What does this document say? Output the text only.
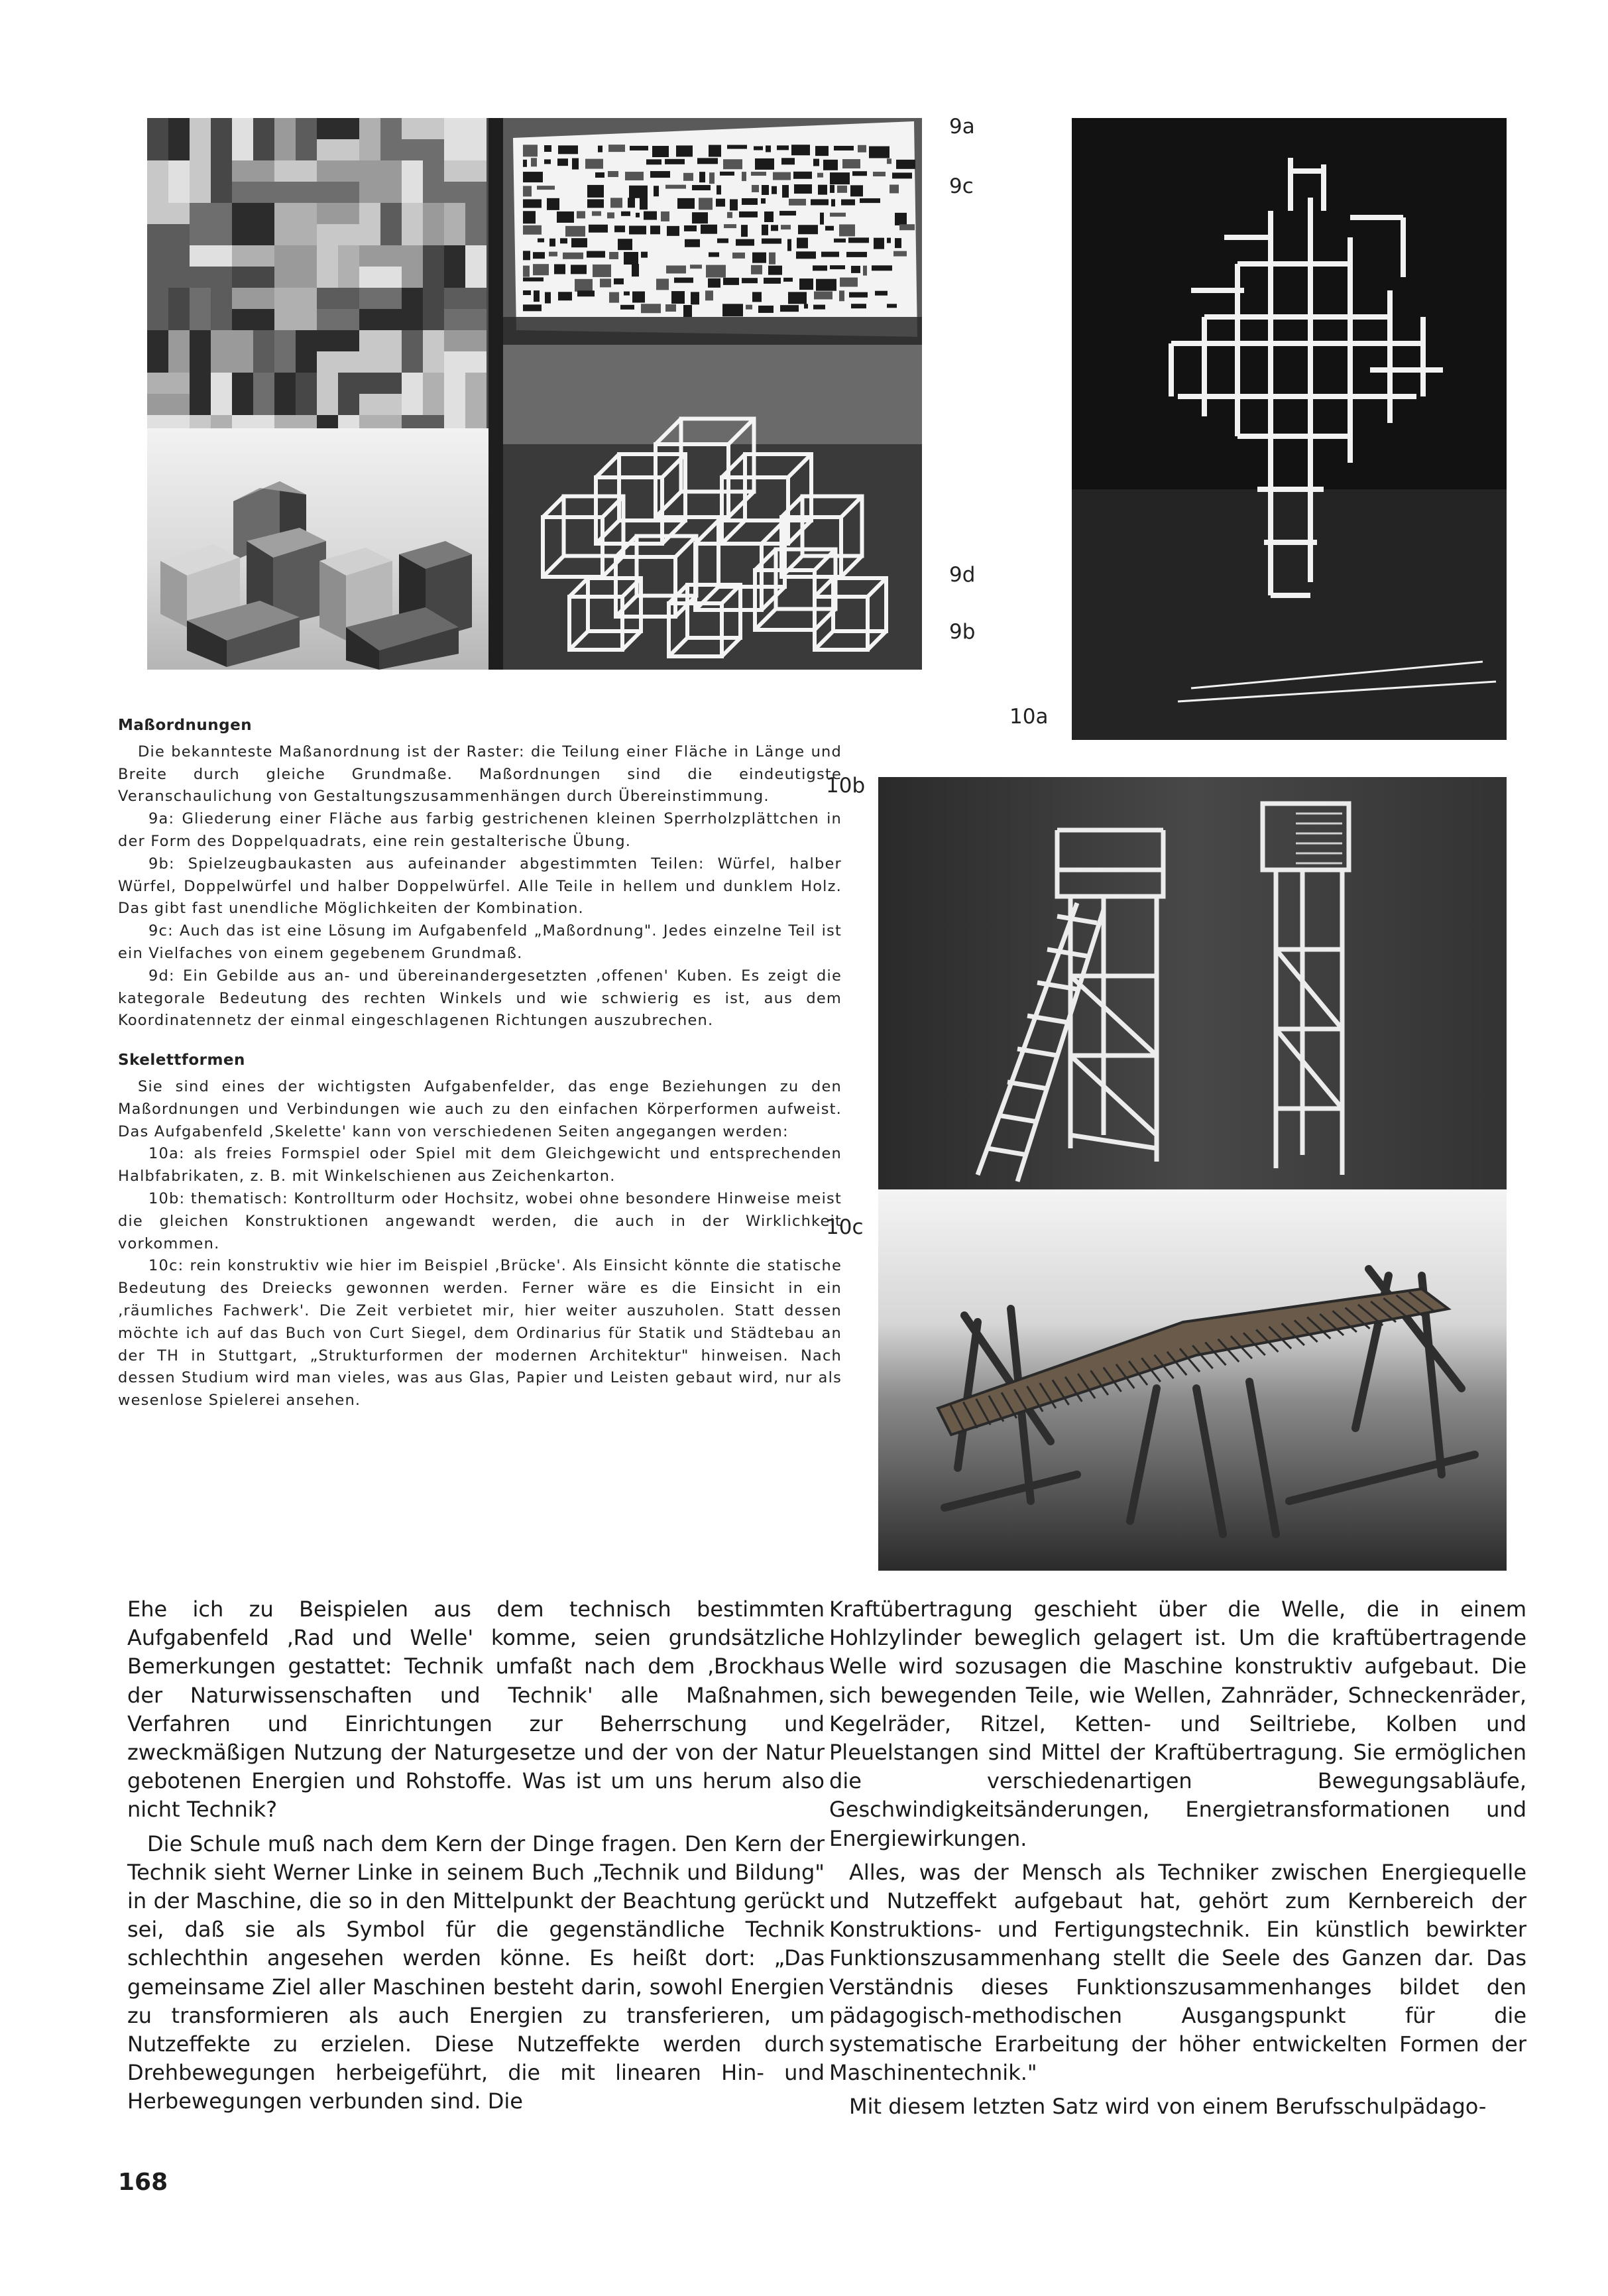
9a
9c
9d
9b
10a
10b
10c
Maßordnungen

Die bekannteste Maßanordnung ist der Raster: die Teilung einer Fläche in Länge und Breite durch gleiche Grundmaße. Maßordnungen sind die eindeutigste Veranschaulichung von Gestaltungszusammenhängen durch Übereinstimmung.

9a: Gliederung einer Fläche aus farbig gestrichenen kleinen Sperrholzplättchen in der Form des Doppelquadrats, eine rein gestalterische Übung.

9b: Spielzeugbaukasten aus aufeinander abgestimmten Teilen: Würfel, halber Würfel, Doppelwürfel und halber Doppelwürfel. Alle Teile in hellem und dunklem Holz. Das gibt fast unendliche Möglichkeiten der Kombination.

9c: Auch das ist eine Lösung im Aufgabenfeld „Maßordnung". Jedes einzelne Teil ist ein Vielfaches von einem gegebenem Grundmaß.

9d: Ein Gebilde aus an- und übereinandergesetzten ‚offenen' Kuben. Es zeigt die kategorale Bedeutung des rechten Winkels und wie schwierig es ist, aus dem Koordinatennetz der einmal eingeschlagenen Richtungen auszubrechen.

Skelettformen

Sie sind eines der wichtigsten Aufgabenfelder, das enge Beziehungen zu den Maßordnungen und Verbindungen wie auch zu den einfachen Körperformen aufweist. Das Aufgabenfeld ‚Skelette' kann von verschiedenen Seiten angegangen werden:

10a: als freies Formspiel oder Spiel mit dem Gleichgewicht und entsprechenden Halbfabrikaten, z. B. mit Winkelschienen aus Zeichenkarton.

10b: thematisch: Kontrollturm oder Hochsitz, wobei ohne besondere Hinweise meist die gleichen Konstruktionen angewandt werden, die auch in der Wirklichkeit vorkommen.

10c: rein konstruktiv wie hier im Beispiel ‚Brücke'. Als Einsicht könnte die statische Bedeutung des Dreiecks gewonnen werden. Ferner wäre es die Einsicht in ein ‚räumliches Fachwerk'. Die Zeit verbietet mir, hier weiter auszuholen. Statt dessen möchte ich auf das Buch von Curt Siegel, dem Ordinarius für Statik und Städtebau an der TH in Stuttgart, „Strukturformen der modernen Architektur" hinweisen. Nach dessen Studium wird man vieles, was aus Glas, Papier und Leisten gebaut wird, nur als wesenlose Spielerei ansehen.

Ehe ich zu Beispielen aus dem technisch bestimmten Aufgabenfeld ‚Rad und Welle' komme, seien grundsätzliche Bemerkungen gestattet: Technik umfaßt nach dem ‚Brockhaus der Naturwissenschaften und Technik' alle Maßnahmen, Verfahren und Einrichtungen zur Beherrschung und zweckmäßigen Nutzung der Naturgesetze und der von der Natur gebotenen Energien und Rohstoffe. Was ist um uns herum also nicht Technik?

Die Schule muß nach dem Kern der Dinge fragen. Den Kern der Technik sieht Werner Linke in seinem Buch „Technik und Bildung" in der Maschine, die so in den Mittelpunkt der Beachtung gerückt sei, daß sie als Symbol für die gegenständliche Technik schlechthin angesehen werden könne. Es heißt dort: „Das gemeinsame Ziel aller Maschinen besteht darin, sowohl Energien zu transformieren als auch Energien zu transferieren, um Nutzeffekte zu erzielen. Diese Nutzeffekte werden durch Drehbewegungen herbeigeführt, die mit linearen Hin- und Herbewegungen verbunden sind. Die

Kraftübertragung geschieht über die Welle, die in einem Hohlzylinder beweglich gelagert ist. Um die kraftübertragende Welle wird sozusagen die Maschine konstruktiv aufgebaut. Die sich bewegenden Teile, wie Wellen, Zahnräder, Schneckenräder, Kegelräder, Ritzel, Ketten- und Seiltriebe, Kolben und Pleuelstangen sind Mittel der Kraftübertragung. Sie ermöglichen die verschiedenartigen Bewegungsabläufe, Geschwindigkeitsänderungen, Energietransformationen und Energiewirkungen.

Alles, was der Mensch als Techniker zwischen Energiequelle und Nutzeffekt aufgebaut hat, gehört zum Kernbereich der Konstruktions- und Fertigungstechnik. Ein künstlich bewirkter Funktionszusammenhang stellt die Seele des Ganzen dar. Das Verständnis dieses Funktionszusammenhanges bildet den pädagogisch-methodischen Ausgangspunkt für die systematische Erarbeitung der höher entwickelten Formen der Maschinentechnik."

Mit diesem letzten Satz wird von einem Berufsschulpädago-

168
